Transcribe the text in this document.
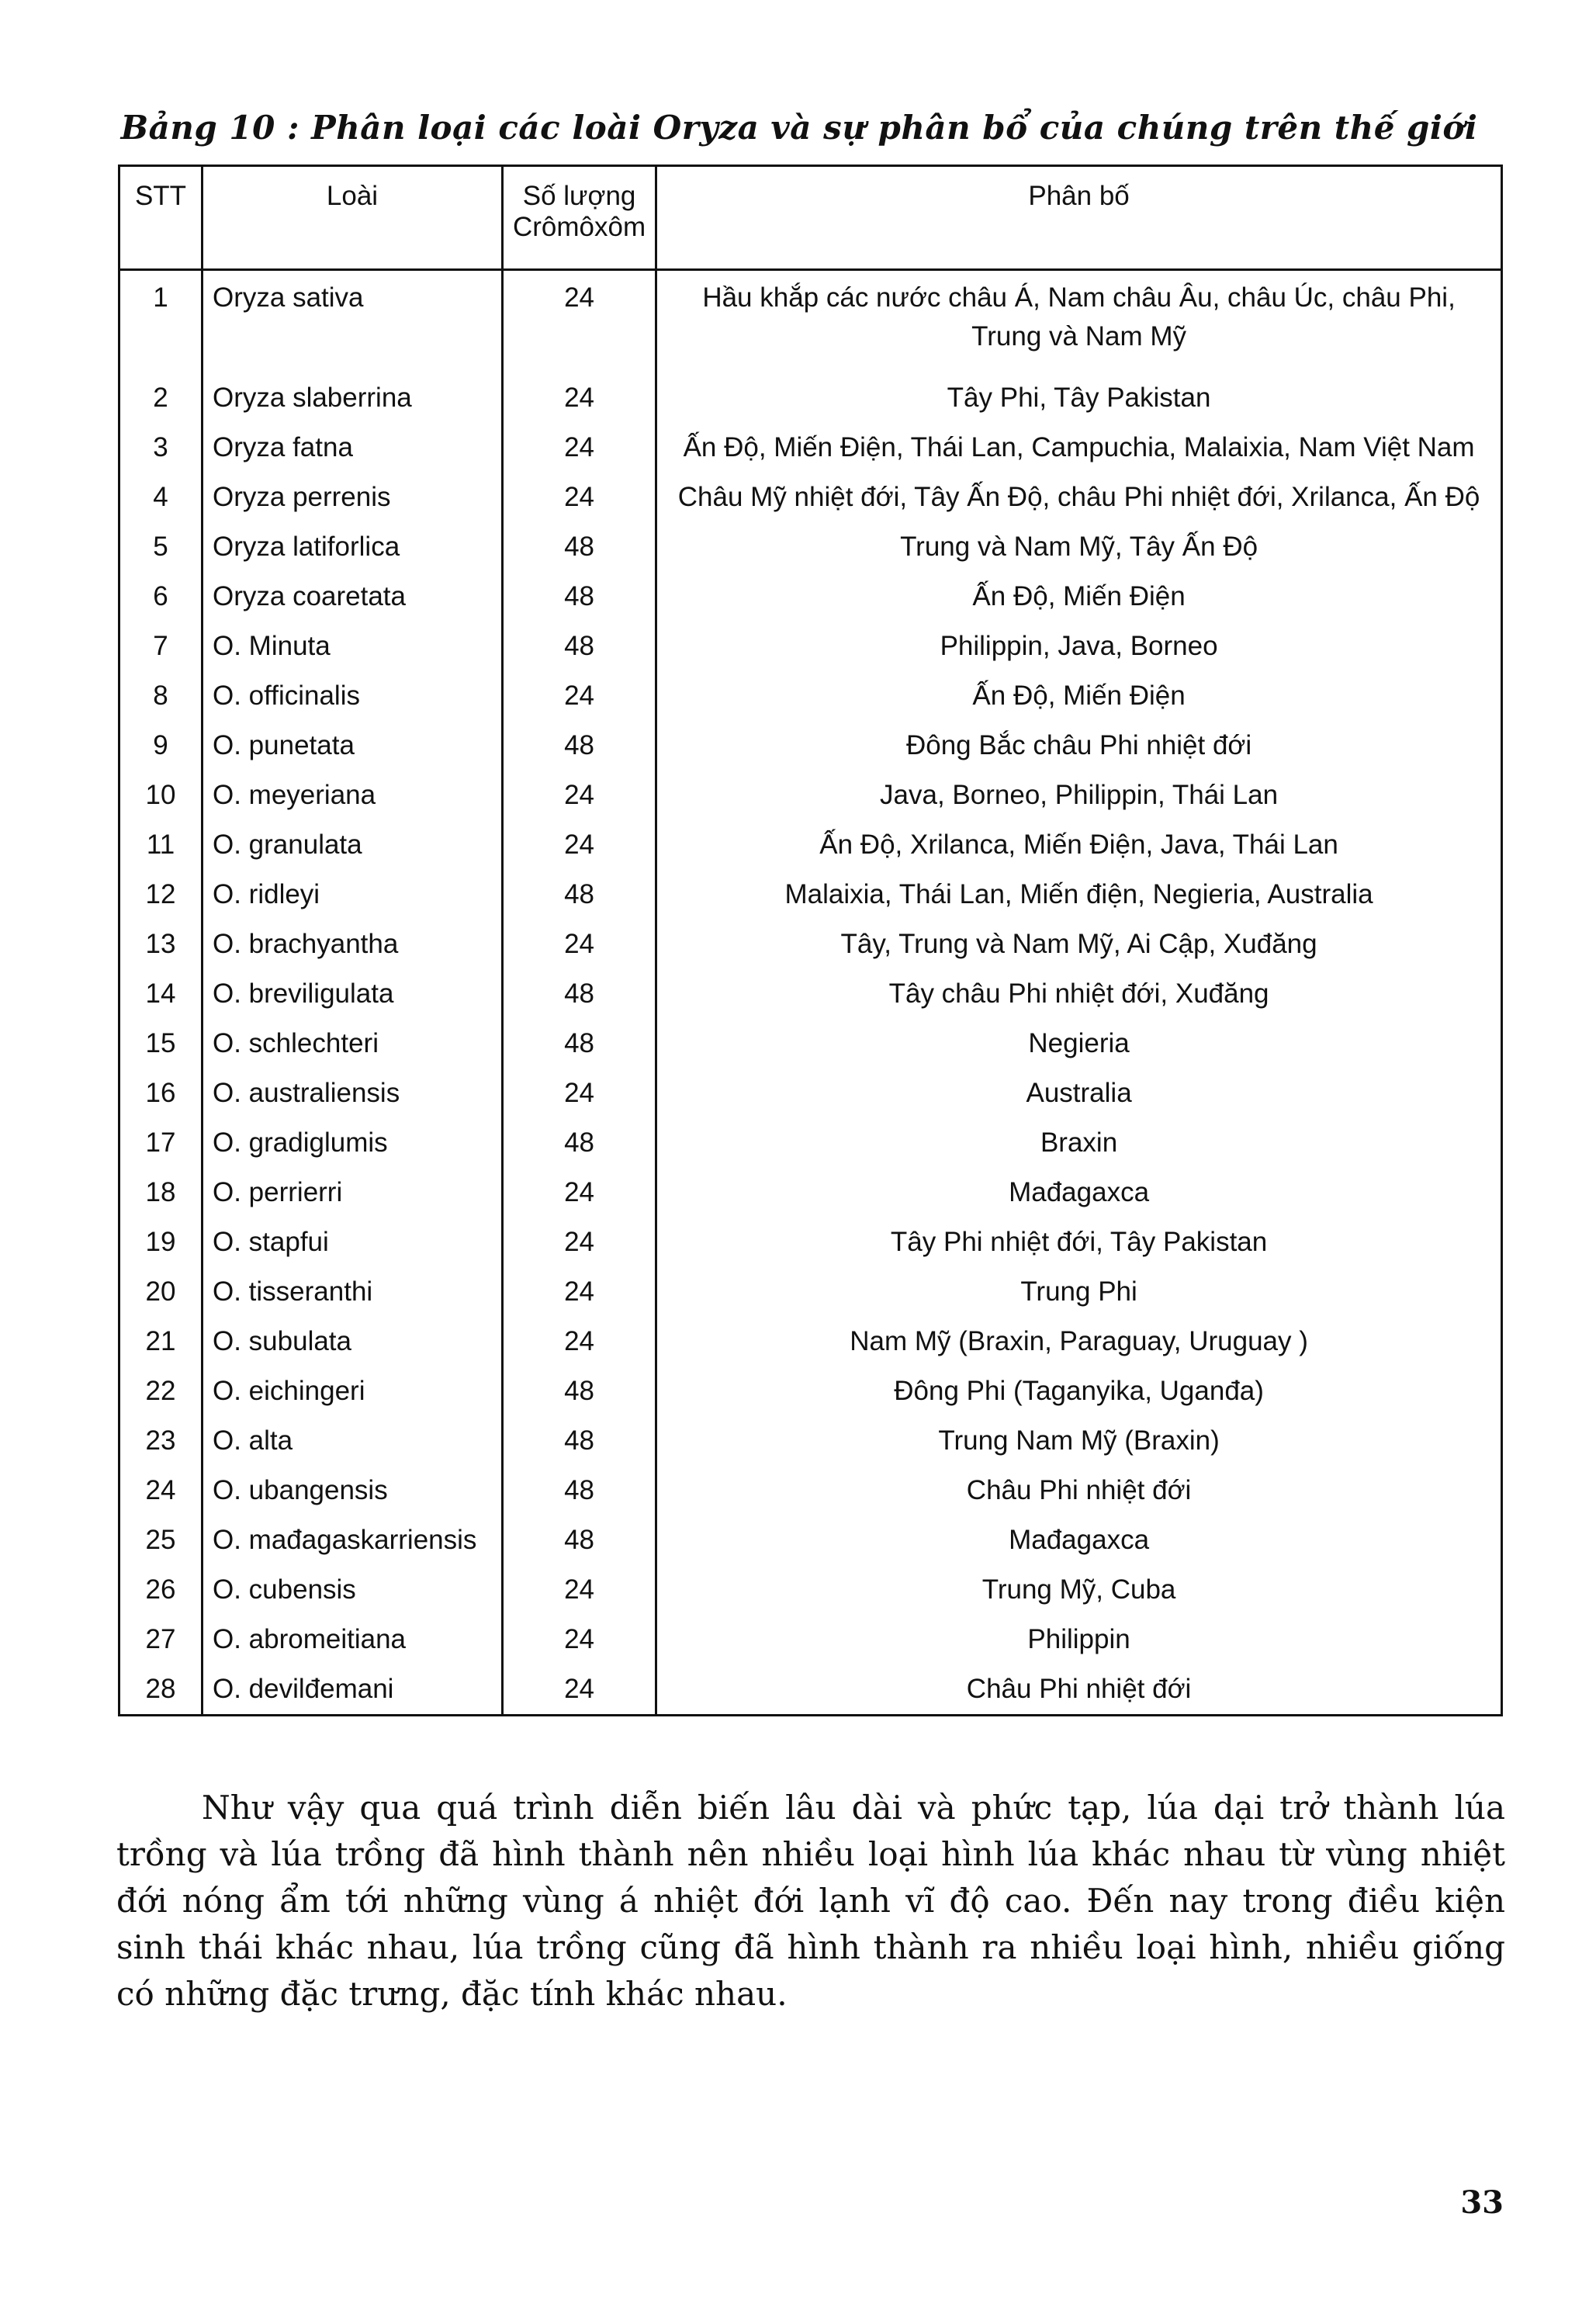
Bảng 10 : Phân loại các loài Oryza và sự phân bổ của chúng trên thế giới
STT	Loài	Số lượng
Crômôxôm	Phân bố
1	Oryza sativa	24	Hầu khắp các nước châu Á, Nam châu Âu, châu Úc, châu Phi,
Trung và Nam Mỹ

2	Oryza slaberrina	24	Tây Phi, Tây Pakistan
3	Oryza fatna	24	Ấn Độ, Miến Điện, Thái Lan, Campuchia, Malaixia, Nam Việt Nam
4	Oryza perrenis	24	Châu Mỹ nhiệt đới, Tây Ấn Độ, châu Phi nhiệt đới, Xrilanca, Ấn Độ
5	Oryza latiforlica	48	Trung và Nam Mỹ, Tây Ấn Độ
6	Oryza coaretata	48	Ấn Độ, Miến Điện
7	O. Minuta	48	Philippin, Java, Borneo
8	O. officinalis	24	Ấn Độ, Miến Điện
9	O. punetata	48	Đông Bắc châu Phi nhiệt đới
10	O. meyeriana	24	Java, Borneo, Philippin, Thái Lan
11	O. granulata	24	Ấn Độ, Xrilanca, Miến Điện, Java, Thái Lan
12	O. ridleyi	48	Malaixia, Thái Lan, Miến điện, Negieria, Australia
13	O. brachyantha	24	Tây, Trung và Nam Mỹ, Ai Cập, Xuđăng
14	O. breviligulata	48	Tây châu Phi nhiệt đới, Xuđăng
15	O. schlechteri	48	Negieria
16	O. australiensis	24	Australia
17	O. gradiglumis	48	Braxin
18	O. perrierri	24	Mađagaxca
19	O. stapfui	24	Tây Phi nhiệt đới, Tây Pakistan
20	O. tisseranthi	24	Trung Phi
21	O. subulata	24	Nam Mỹ (Braxin, Paraguay, Uruguay )
22	O. eichingeri	48	Đông Phi (Taganyika, Uganđa)
23	O. alta	48	Trung Nam Mỹ (Braxin)
24	O. ubangensis	48	Châu Phi nhiệt đới
25	O. mađagaskarriensis	48	Mađagaxca
26	O. cubensis	24	Trung Mỹ, Cuba
27	O. abromeitiana	24	Philippin
28	O. devilđemani	24	Châu Phi nhiệt đới
Như vậy qua quá trình diễn biến lâu dài và phức tạp, lúa dại trở thành lúa trồng và lúa trồng đã hình thành nên nhiều loại hình lúa khác nhau từ vùng nhiệt đới nóng ẩm tới những vùng á nhiệt đới lạnh vĩ độ cao. Đến nay trong điều kiện sinh thái khác nhau, lúa trồng cũng đã hình thành ra nhiều loại hình, nhiều giống có những đặc trưng, đặc tính khác nhau.
33
